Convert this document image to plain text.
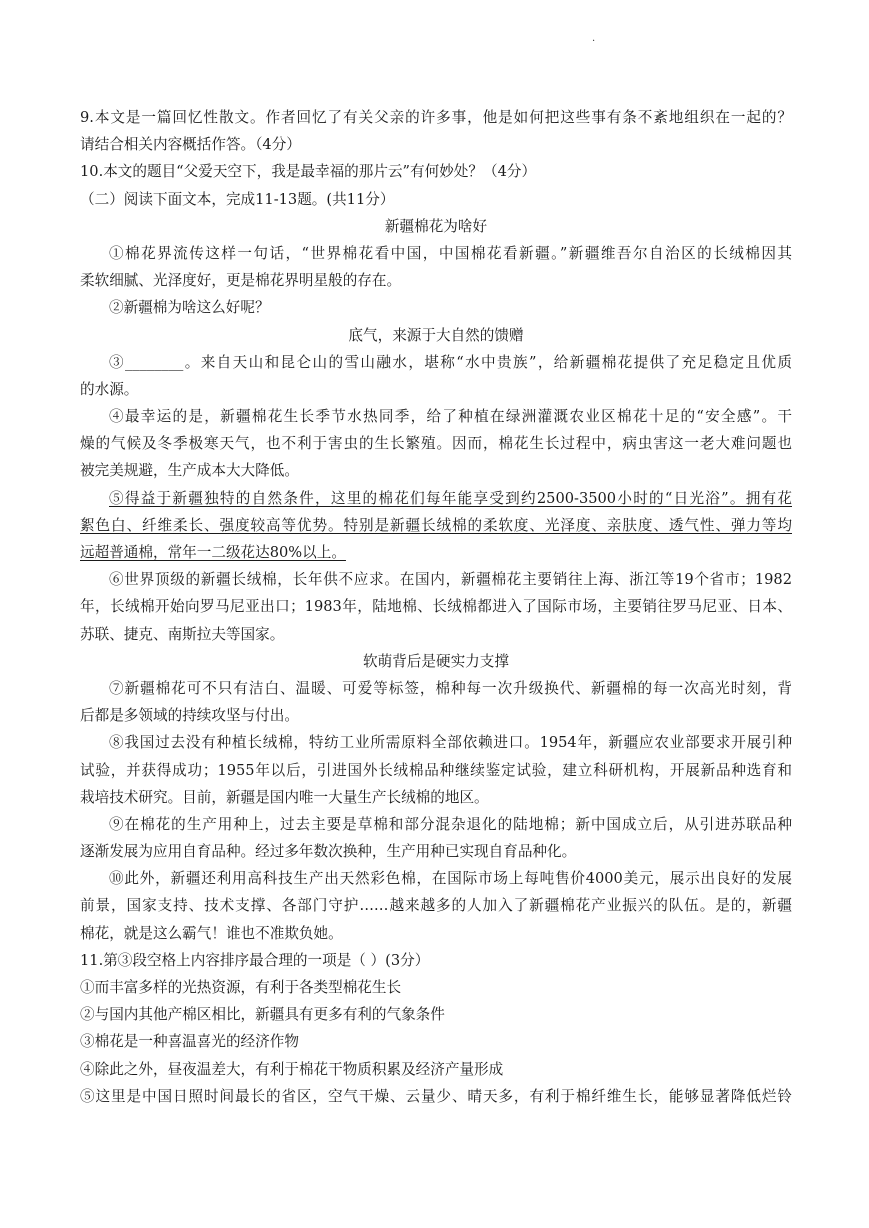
.
9.本文是一篇回忆性散文。作者回忆了有关父亲的许多事，他是如何把这些事有条不紊地组织在一起的？
请结合相关内容概括作答。（4分）
10.本文的题目“父爱天空下，我是最幸福的那片云”有何妙处？（4分）
（二）阅读下面文本，完成11-13题。(共11分）
新疆棉花为啥好
①棉花界流传这样一句话，“世界棉花看中国，中国棉花看新疆。”新疆维吾尔自治区的长绒棉因其
柔软细腻、光泽度好，更是棉花界明星般的存在。
②新疆棉为啥这么好呢？
底气，来源于大自然的馈赠
③________。来自天山和昆仑山的雪山融水，堪称“水中贵族”，给新疆棉花提供了充足稳定且优质
的水源。
④最幸运的是，新疆棉花生长季节水热同季，给了种植在绿洲灌溉农业区棉花十足的“安全感”。干
燥的气候及冬季极寒天气，也不利于害虫的生长繁殖。因而，棉花生长过程中，病虫害这一老大难问题也
被完美规避，生产成本大大降低。
⑤得益于新疆独特的自然条件，这里的棉花们每年能享受到约2500-3500小时的“日光浴”。拥有花
絮色白、纤维柔长、强度较高等优势。特别是新疆长绒棉的柔软度、光泽度、亲肤度、透气性、弹力等均
远超普通棉，常年一二级花达80%以上。
⑥世界顶级的新疆长绒棉，长年供不应求。在国内，新疆棉花主要销往上海、浙江等19个省市；1982
年，长绒棉开始向罗马尼亚出口；1983年，陆地棉、长绒棉都进入了国际市场，主要销往罗马尼亚、日本、
苏联、捷克、南斯拉夫等国家。
软萌背后是硬实力支撑
⑦新疆棉花可不只有洁白、温暖、可爱等标签，棉种每一次升级换代、新疆棉的每一次高光时刻，背
后都是多领域的持续攻坚与付出。
⑧我国过去没有种植长绒棉，特纺工业所需原料全部依赖进口。1954年，新疆应农业部要求开展引种
试验，并获得成功；1955年以后，引进国外长绒棉品种继续鉴定试验，建立科研机构，开展新品种选育和
栽培技术研究。目前，新疆是国内唯一大量生产长绒棉的地区。
⑨在棉花的生产用种上，过去主要是草棉和部分混杂退化的陆地棉；新中国成立后，从引进苏联品种
逐渐发展为应用自育品种。经过多年数次换种，生产用种已实现自育品种化。
⑩此外，新疆还利用高科技生产出天然彩色棉，在国际市场上每吨售价4000美元，展示出良好的发展
前景，国家支持、技术支撑、各部门守护……越来越多的人加入了新疆棉花产业振兴的队伍。是的，新疆
棉花，就是这么霸气！谁也不准欺负她。
11.第③段空格上内容排序最合理的一项是（ ）(3分）
①而丰富多样的光热资源，有利于各类型棉花生长
②与国内其他产棉区相比，新疆具有更多有利的气象条件
③棉花是一种喜温喜光的经济作物
④除此之外，昼夜温差大，有利于棉花干物质积累及经济产量形成
⑤这里是中国日照时间最长的省区，空气干燥、云量少、晴天多，有利于棉纤维生长，能够显著降低烂铃
